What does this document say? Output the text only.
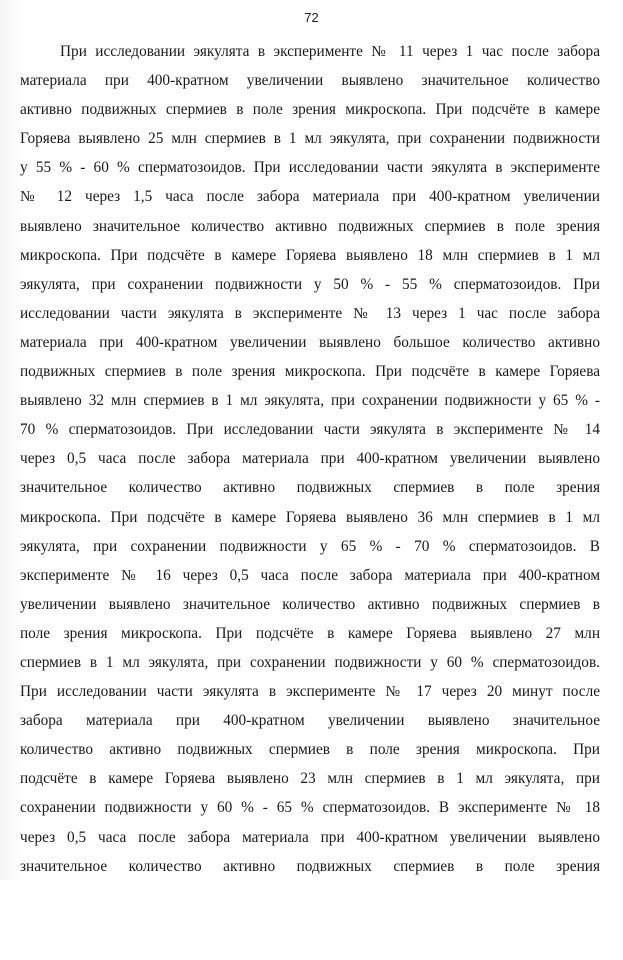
72
При исследовании эякулята в экспериментe № 11 через 1 час после забора
материала при 400-кратном увеличении выявлено значительное количество
активно подвижных спермиев в поле зрения микроскопа. При подсчёте в камере
Горяева выявлено 25 млн спермиев в 1 мл эякулята, при сохранении подвижности
у 55 % - 60 % сперматозоидов. При исследовании части эякулята в экспериментe
№ 12 через 1,5 часа после забора материала при 400-кратном увеличении
выявлено значительное количество активно подвижных спермиев в поле зрения
микроскопа. При подсчёте в камере Горяева выявлено 18 млн спермиев в 1 мл
эякулята, при сохранении подвижности у 50 % - 55 % сперматозоидов. При
исследовании части эякулята в экспериментe № 13 через 1 час после забора
материала при 400-кратном увеличении выявлено большое количество активно
подвижных спермиев в поле зрения микроскопа. При подсчёте в камере Горяева
выявлено 32 млн спермиев в 1 мл эякулята, при сохранении подвижности у 65 % -
70 % сперматозоидов. При исследовании части эякулята в экспериментe № 14
через 0,5 часа после забора материала при 400-кратном увеличении выявлено
значительное количество активно подвижных спермиев в поле зрения
микроскопа. При подсчёте в камере Горяева выявлено 36 млн спермиев в 1 мл
эякулята, при сохранении подвижности у 65 % - 70 % сперматозоидов. В
экспериментe № 16 через 0,5 часа после забора материала при 400-кратном
увеличении выявлено значительное количество активно подвижных спермиев в
поле зрения микроскопа. При подсчёте в камере Горяева выявлено 27 млн
спермиев в 1 мл эякулята, при сохранении подвижности у 60 % сперматозоидов.
При исследовании части эякулята в экспериментe № 17 через 20 минут после
забора материала при 400-кратном увеличении выявлено значительное
количество активно подвижных спермиев в поле зрения микроскопа. При
подсчёте в камере Горяева выявлено 23 млн спермиев в 1 мл эякулята, при
сохранении подвижности у 60 % - 65 % сперматозоидов. В экспериментe № 18
через 0,5 часа после забора материала при 400-кратном увеличении выявлено
значительное количество активно подвижных спермиев в поле зрения
